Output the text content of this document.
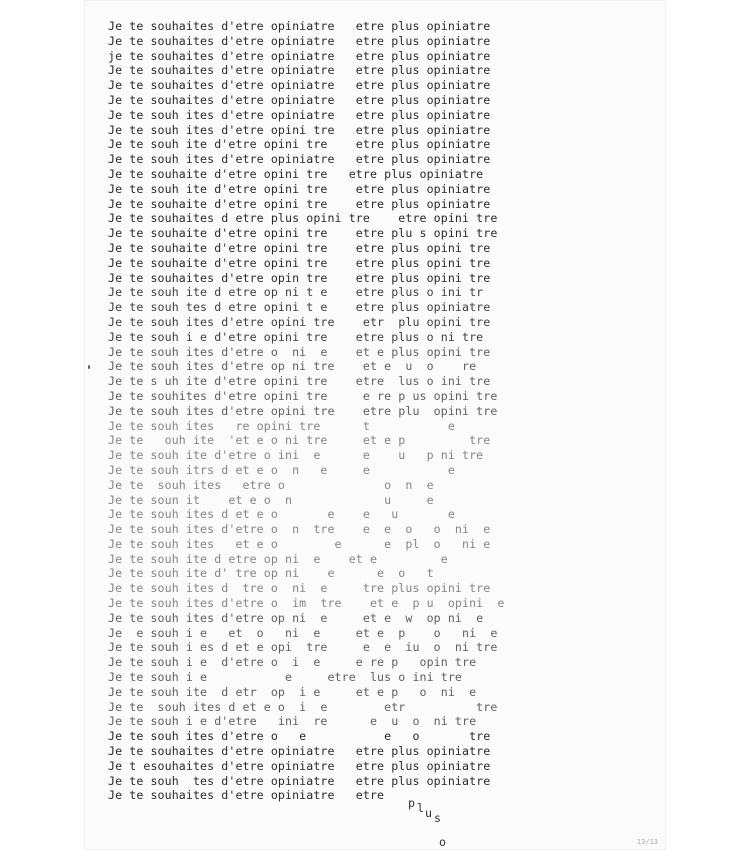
Je te souhaites d'etre opiniatre   etre plus opiniatre
Je te souhaites d'etre opiniatre   etre plus opiniatre
je te souhaites d'etre opiniatre   etre plus opiniatre
Je te souhaites d'etre opiniatre   etre plus opiniatre
Je te souhaites d'etre opiniatre   etre plus opiniatre
Je te souhaites d'etre opiniatre   etre plus opiniatre
Je te souh ites d'etre opiniatre   etre plus opiniatre
Je te souh ites d'etre opini tre   etre plus opiniatre
Je te souh ite d'etre opini tre    etre plus opiniatre
Je te souh ites d'etre opiniatre   etre plus opiniatre
Je te souhaite d'etre opini tre   etre plus opiniatre
Je te souh ite d'etre opini tre    etre plus opiniatre
Je te souhaite d'etre opini tre    etre plus opiniatre
Je te souhaites d etre plus opini tre    etre opini tre
Je te souhaite d'etre opini tre    etre plu s opini tre
Je te souhaite d'etre opini tre    etre plus opini tre
Je te souhaite d'etre opini tre    etre plus opini tre
Je te souhaites d'etre opin tre    etre plus opini tre
Je te souh ite d etre op ni t e    etre plus o ini tr
Je te souh tes d etre opini t e    etre plus opiniatre
Je te souh ites d'etre opini tre    etr  plu opini tre
Je te souh i e d'etre opini tre    etre plus o ni tre
Je te souh ites d'etre o  ni  e    et e plus opini tre
Je te souh ites d'etre op ni tre    et e  u  o    re
Je te s uh ite d'etre opini tre    etre  lus o ini tre
Je te souhites d'etre opini tre     e re p us opini tre
Je te souh ites d'etre opini tre    etre plu  opini tre
Je te souh ites   re opini tre      t           e
Je te   ouh ite  'et e o ni tre     et e p         tre
Je te souh ite d'etre o ini  e      e    u   p ni tre
Je te souh itrs d et e o  n   e     e           e
Je te  souh ites   etre o              o  n  e
Je te soun it    et e o  n             u     e
Je te souh ites d et e o       e    e   u       e
Je te souh ites d'etre o  n  tre    e  e  o   o  ni  e
Je te souh ites   et e o        e      e  pl  o   ni e
Je te souh ite d etre op ni  e    et e         e
Je te souh ite d' tre op ni    e      e  o   t
Je te souh ites d  tre o  ni  e     tre plus opini tre
Je te souh ites d'etre o  im  tre    et e  p u  opini  e
Je te souh ites d'etre op ni  e     et e  w  op ni  e
Je  e souh i e   et  o   ni  e     et e  p    o   ni  e
Je te souh i es d et e opi  tre     e  e  iu  o  ni tre
Je te souh i e  d'etre o  i  e     e re p   opin tre
Je te souh i e           e     etre  lus o ini tre
Je te souh ite  d etr  op  i e     et e p   o  ni  e
Je te  souh ites d et e o  i  e        etr          tre
Je te souh i e d'etre   ini  re      e  u  o  ni tre
Je te souh ites d'etre o   e           e   o       tre
Je te souhaites d'etre opiniatre   etre plus opiniatre
Je t esouhaites d'etre opiniatre   etre plus opiniatre
Je te souh  tes d'etre opiniatre   etre plus opiniatre
Je te souhaites d'etre opiniatre   etre
p l u s
o	13/13
